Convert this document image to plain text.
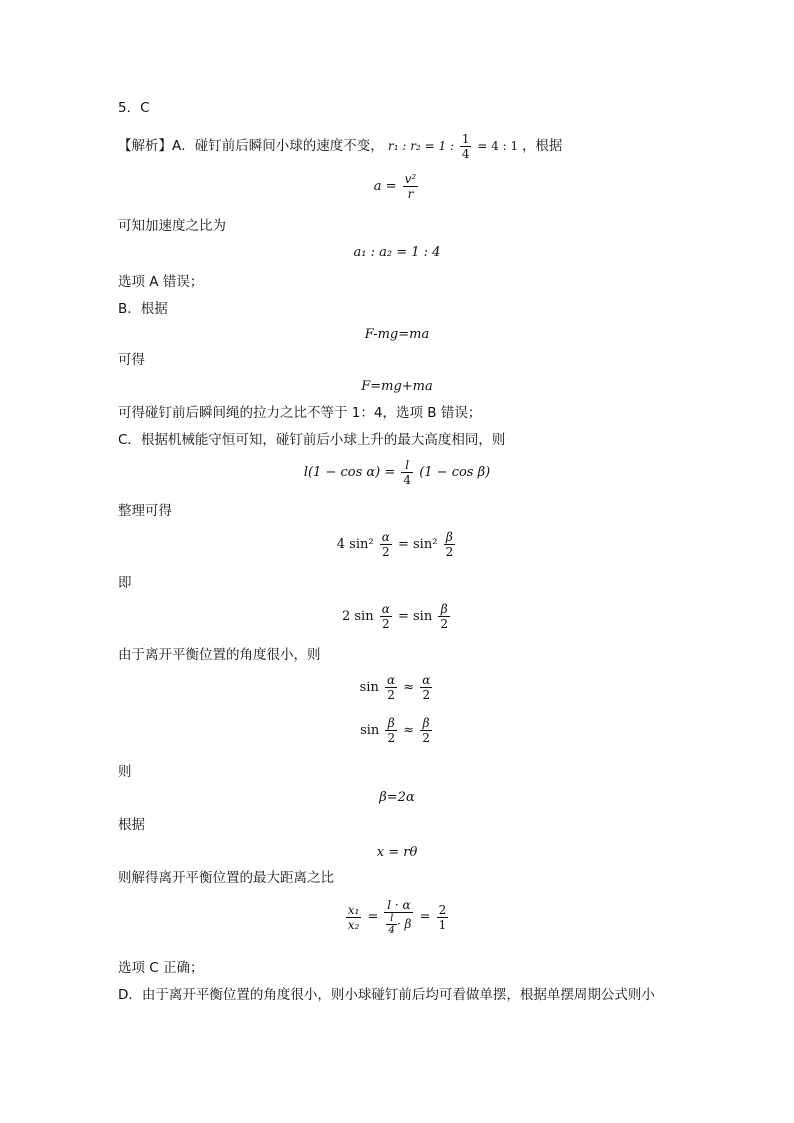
5．C
【解析】A．碰钉前后瞬间小球的速度不变， r₁ : r₂ = 1 : $\frac{1}{4} = 4$ : 1 ，根据
$a = \frac{\text{v²}}{r}$
可知加速度之比为
a₁ : a₂ = 1 : 4
选项 A 错误；
B．根据
F-mg=ma
可得
F=mg+ma
可得碰钉前后瞬间绳的拉力之比不等于 1：4，选项 B 错误；
C．根据机械能守恒可知，碰钉前后小球上升的最大高度相同，则
$l(1 - \cos \alpha) = \frac{l}{4} (1 - \cos \beta)$
整理可得
4 $\sin^2 \frac{\alpha}{2} = \sin^2 \frac{\beta}{2}$
即
2 $\sin \frac{\alpha}{2} = \sin \frac{\beta}{2}$
由于离开平衡位置的角度很小，则
$\sin \frac{\alpha}{2} \approx \frac{\alpha}{2}$
$\sin \frac{\beta}{2} \approx \frac{\beta}{2}$
则
β=2α
根据
x = rθ
则解得离开平衡位置的最大距离之比
$\frac{\text{x₁}}{\text{x₂}} = \frac{l \cdot \alpha}{\frac{l}{4} \cdot \beta} = \frac{2}{1}$
选项 C 正确；
D．由于离开平衡位置的角度很小，则小球碰钉前后均可看做单摆，根据单摆周期公式则小
